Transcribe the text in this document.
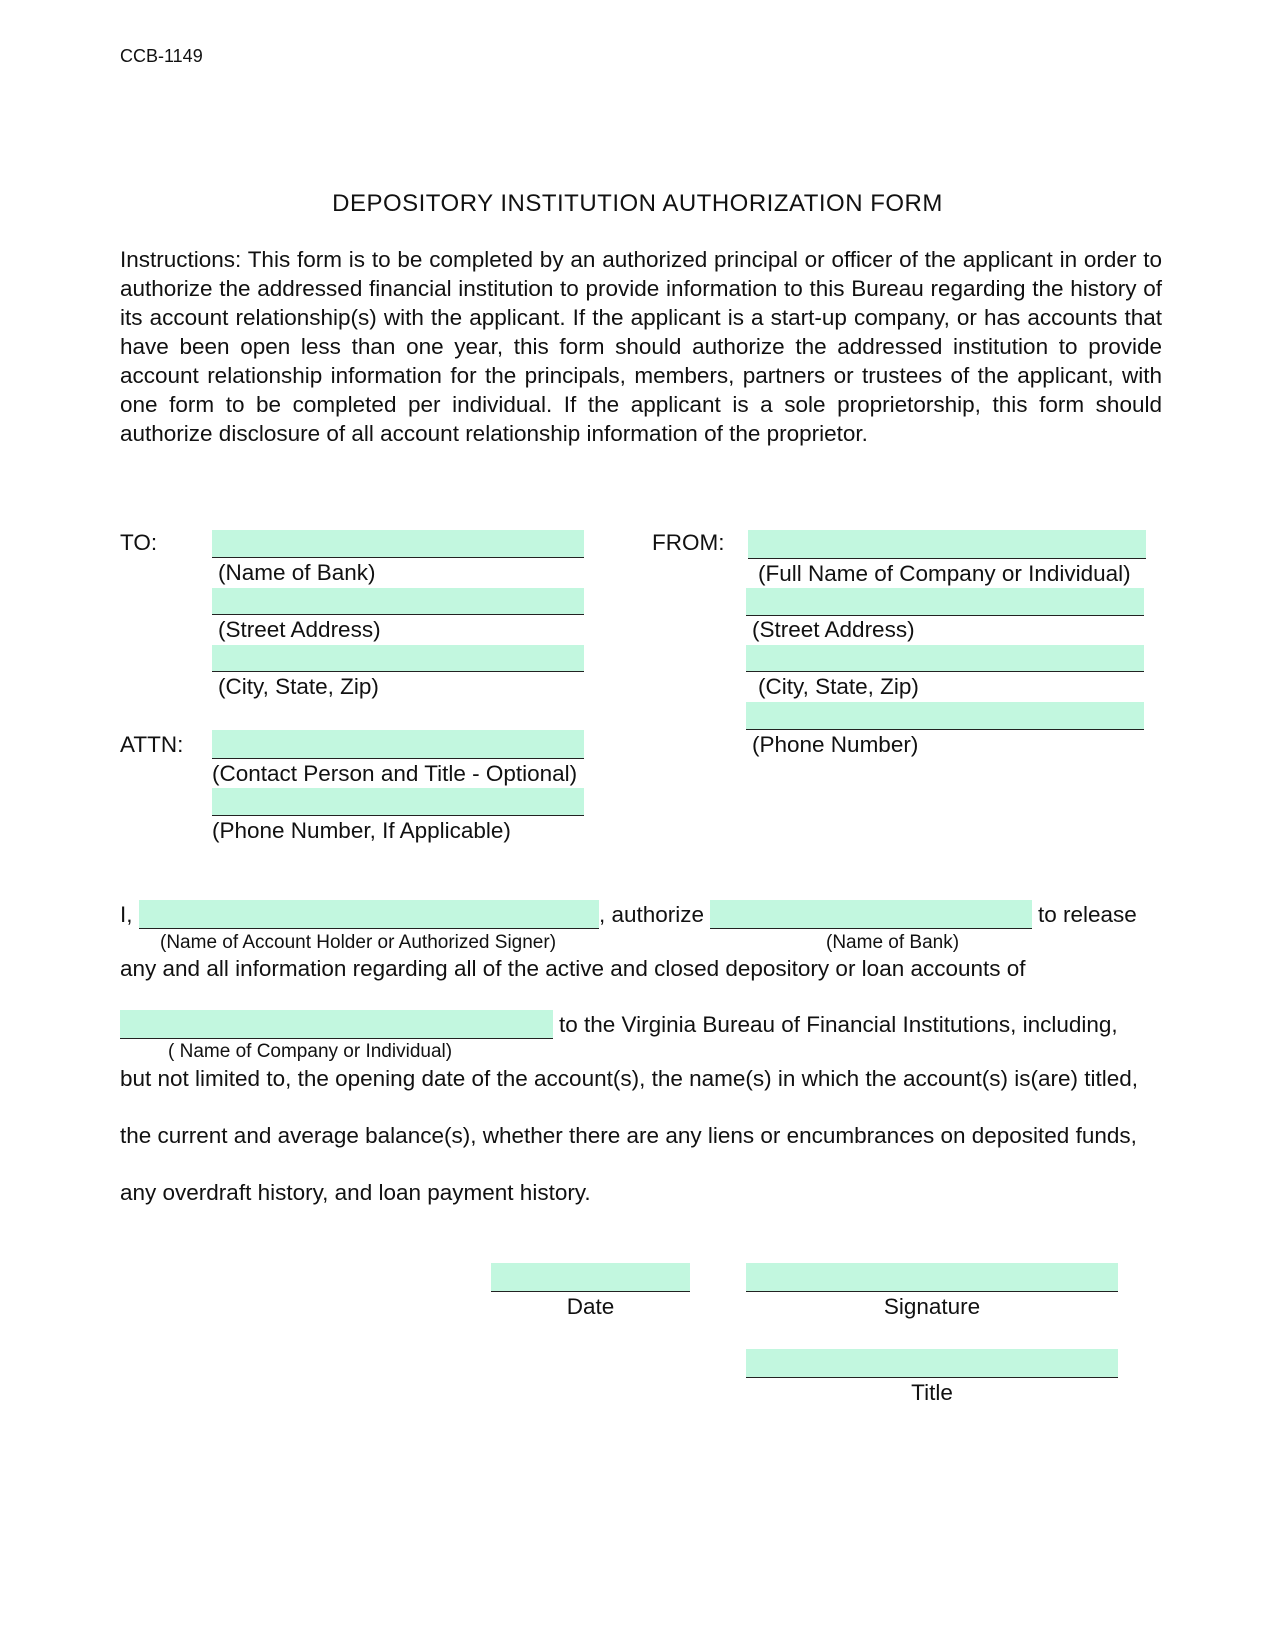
CCB-1149
DEPOSITORY INSTITUTION AUTHORIZATION FORM
Instructions: This form is to be completed by an authorized principal or officer of the applicant in order to authorize the addressed financial institution to provide information to this Bureau regarding the history of its account relationship(s) with the applicant. If the applicant is a start-up company, or has accounts that have been open less than one year, this form should authorize the addressed institution to provide account relationship information for the principals, members, partners or trustees of the applicant, with one form to be completed per individual. If the applicant is a sole proprietorship, this form should authorize disclosure of all account relationship information of the proprietor.
TO:
(Name of Bank)
(Street Address)
(City, State, Zip)
ATTN:
(Contact Person and Title - Optional)
(Phone Number, If Applicable)
FROM:
(Full Name of Company or Individual)
(Street Address)
(City, State, Zip)
(Phone Number)
I,	, authorize	to release
(Name of Account Holder or Authorized Signer)	(Name of Bank)
any and all information regarding all of the active and closed depository or loan accounts of
to the Virginia Bureau of Financial Institutions, including,
( Name of Company or Individual)
but not limited to, the opening date of the account(s), the name(s) in which the account(s) is(are) titled,
the current and average balance(s), whether there are any liens or encumbrances on deposited funds,
any overdraft history, and loan payment history.
Date	Signature
Title
